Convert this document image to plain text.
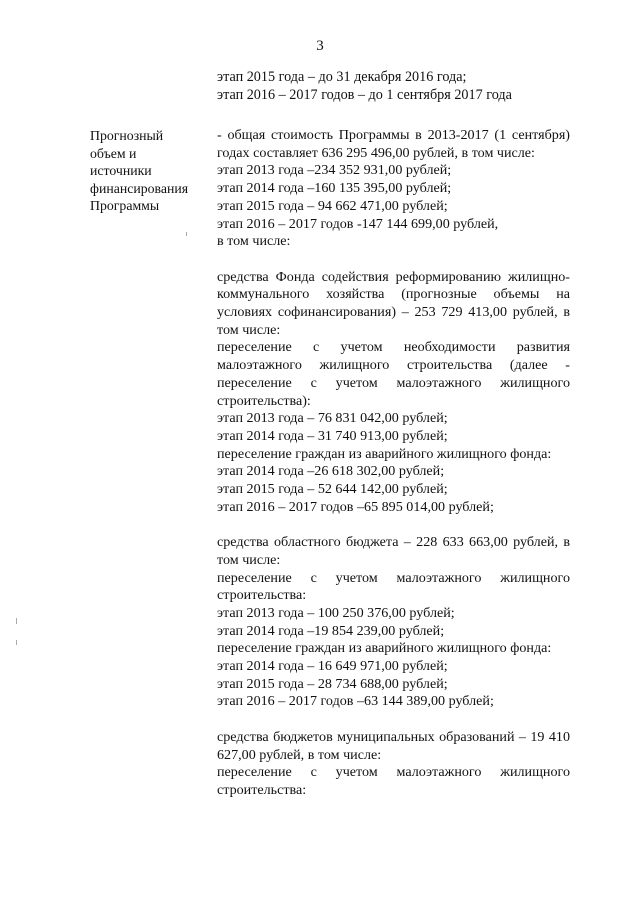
3
этап 2015 года – до 31 декабря 2016 года;
этап 2016 – 2017 годов – до 1 сентября 2017 года
Прогнозный
объем и
источники
финансирования
Программы
- общая стоимость Программы в 2013-2017 (1 сентября) годах составляет 636 295 496,00 рублей, в том числе:
этап 2013 года –234 352 931,00 рублей;
этап 2014 года –160 135 395,00 рублей;
этап 2015 года – 94 662 471,00 рублей;
этап 2016 – 2017 годов -147 144 699,00 рублей,
в том числе:
средства Фонда содействия реформированию жилищно-коммунального хозяйства (прогнозные объемы на условиях софинансирования) – 253 729 413,00 рублей, в том числе:
переселение с учетом необходимости развития малоэтажного жилищного строительства (далее - переселение с учетом малоэтажного жилищного строительства):
этап 2013 года – 76 831 042,00 рублей;
этап 2014 года – 31 740 913,00 рублей;
переселение граждан из аварийного жилищного фонда:
этап 2014 года –26 618 302,00 рублей;
этап 2015 года – 52 644 142,00 рублей;
этап 2016 – 2017 годов –65 895 014,00 рублей;
средства областного бюджета – 228 633 663,00 рублей, в том числе:
переселение с учетом малоэтажного жилищного строительства:
этап 2013 года – 100 250 376,00 рублей;
этап 2014 года –19 854 239,00 рублей;
переселение граждан из аварийного жилищного фонда:
этап 2014 года – 16 649 971,00 рублей;
этап 2015 года – 28 734 688,00 рублей;
этап 2016 – 2017 годов –63 144 389,00 рублей;
средства бюджетов муниципальных образований – 19 410 627,00 рублей, в том числе:
переселение с учетом малоэтажного жилищного строительства:
